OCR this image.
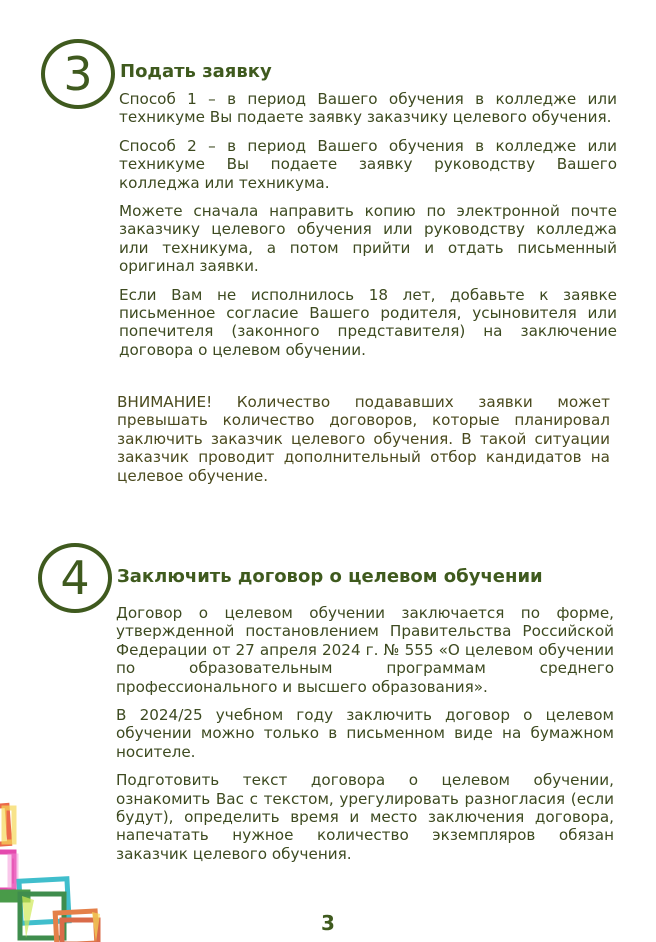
3 Подать заявку

Способ 1 – в период Вашего обучения в колледже или техникуме Вы подаете заявку заказчику целевого обучения.

Способ 2 – в период Вашего обучения в колледже или техникуме Вы подаете заявку руководству Вашего колледжа или техникума.

Можете сначала направить копию по электронной почте заказчику целевого обучения или руководству колледжа или техникума, а потом прийти и отдать письменный оригинал заявки.

Если Вам не исполнилось 18 лет, добавьте к заявке письменное согласие Вашего родителя, усыновителя или попечителя (законного представителя) на заключение договора о целевом обучении.

ВНИМАНИЕ! Количество подававших заявки может превышать количество договоров, которые планировал заключить заказчик целевого обучения. В такой ситуации заказчик проводит дополнительный отбор кандидатов на целевое обучение.
4 Заключить договор о целевом обучении

Договор о целевом обучении заключается по форме, утвержденной постановлением Правительства Российской Федерации от 27 апреля 2024 г. № 555 «О целевом обучении по образовательным программам среднего профессионального и высшего образования».

В 2024/25 учебном году заключить договор о целевом обучении можно только в письменном виде на бумажном носителе.

Подготовить текст договора о целевом обучении, ознакомить Вас с текстом, урегулировать разногласия (если будут), определить время и место заключения договора, напечатать нужное количество экземпляров обязан заказчик целевого обучения.

3
